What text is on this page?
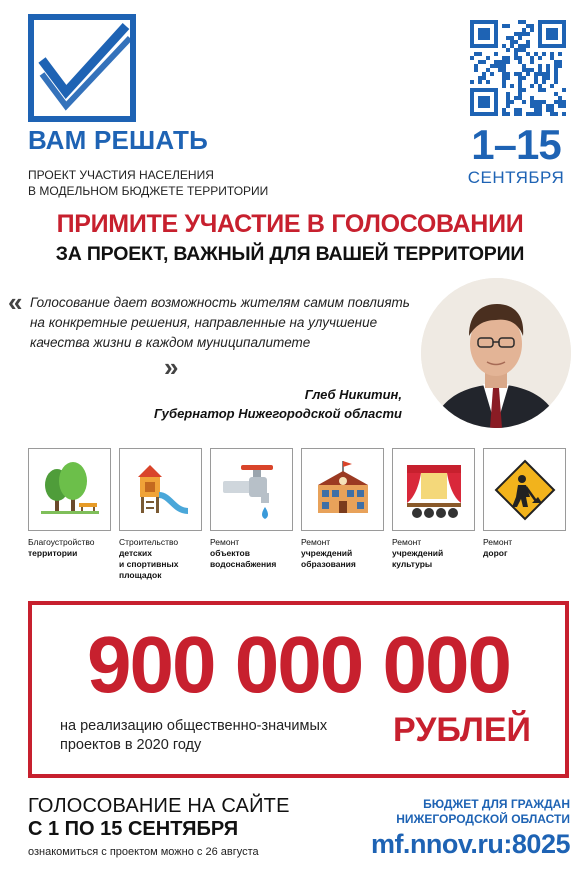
ВАМ РЕШАТЬ
ПРОЕКТ УЧАСТИЯ НАСЕЛЕНИЯ
В МОДЕЛЬНОМ БЮДЖЕТЕ ТЕРРИТОРИИ
1–15
СЕНТЯБРЯ
ПРИМИТЕ УЧАСТИЕ В ГОЛОСОВАНИИ
ЗА ПРОЕКТ, ВАЖНЫЙ ДЛЯ ВАШЕЙ ТЕРРИТОРИИ
« Голосование дает возможность жителям самим повлиять на конкретные решения, направленные на улучшение качества жизни в каждом муниципалитете
»
Глеб Никитин,
Губернатор Нижегородской области
Благоустройство
территории
Строительство
детских
и спортивных
площадок
Ремонт
объектов
водоснабжения
Ремонт
учреждений
образования
Ремонт
учреждений
культуры
Ремонт
дорог
900 000 000
на реализацию общественно-значимых проектов в 2020 году	РУБЛЕЙ
ГОЛОСОВАНИЕ НА САЙТЕ
С 1 ПО 15 СЕНТЯБРЯ
ознакомиться с проектом можно с 26 августа
БЮДЖЕТ ДЛЯ ГРАЖДАН
НИЖЕГОРОДСКОЙ ОБЛАСТИ
mf.nnov.ru:8025
